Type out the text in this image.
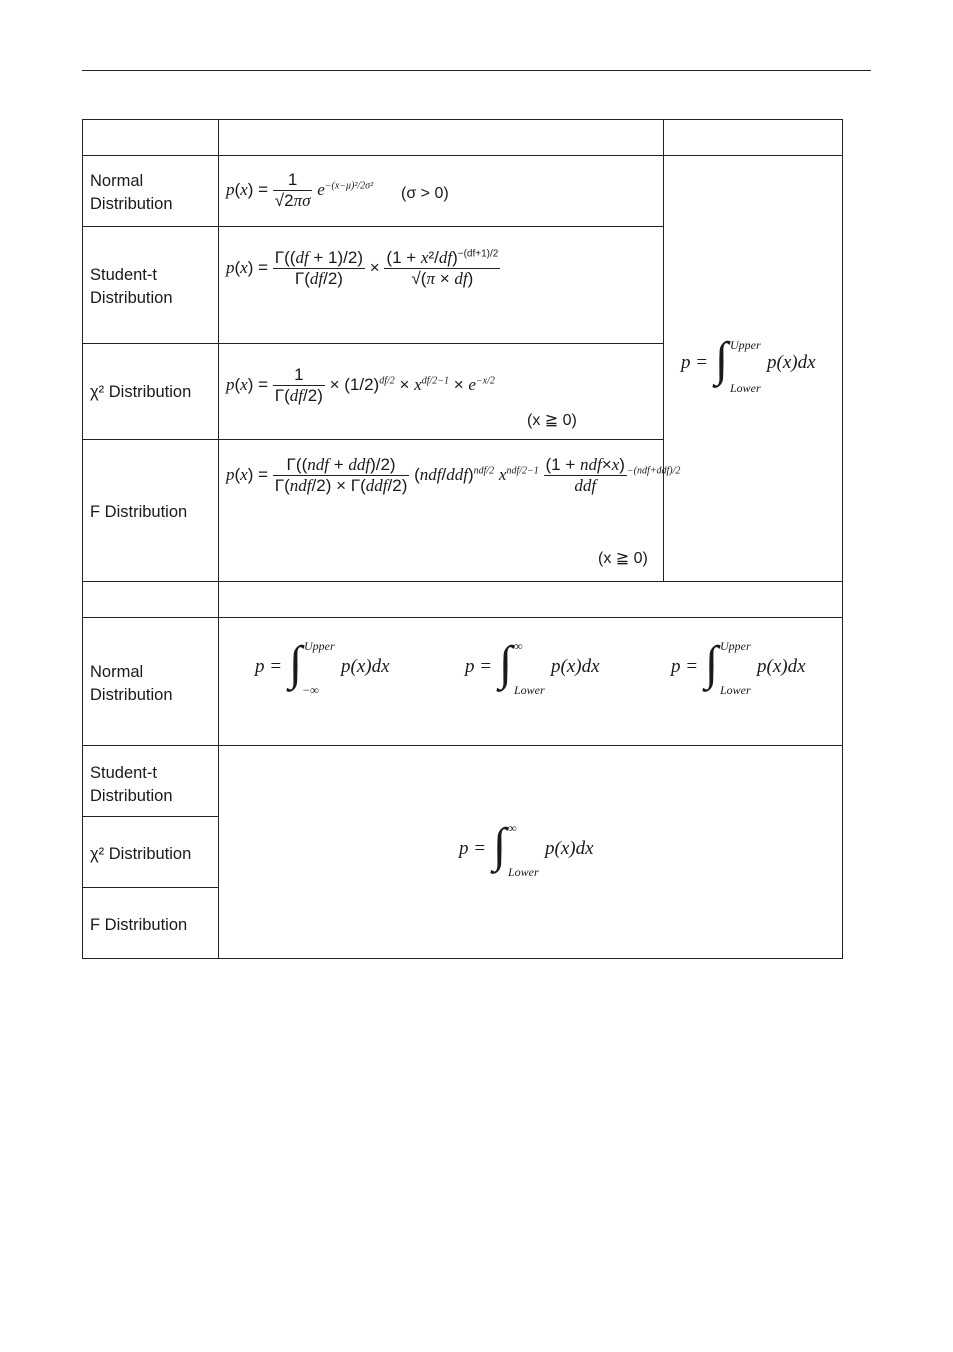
Normal
Distribution
Student-t
Distribution
χ² Distribution
F Distribution
$p(x) = \frac{1}{√2\pi\sigma} e^{-(x-\mu)^2/2\sigma^2}$ (σ > 0)
$p(x) = \frac{\Gamma((df + 1)/2)}{\Gamma(df/2)} \times \frac{(1 + x^2/df)^{-(df+1)/2}}{√(\pi \times df)}$
$p(x) = \frac{1}{\Gamma(df/2)} \times (1/2)^{df/2} \times x^{df/2-1} \times e^{-x/2}$
(x ≧ 0)
$p(x) = \frac{\text{Γ((ndf + ddf)/2)}}{\text{Γ(ndf/2) × Γ(ddf/2)}} (ndf/ddf)^{ndf/2}$ $x^{ndf/2-1} \frac{\text{(1 + ndf×x)}}{\text{ddf}} ^{-(ndf+ddf)/2}$
(x ≧ 0)
p = ∫ Upper
Lower
p(x)dx
Normal
Distribution
p = ∫ Upper
−∞
p(x)dx	p = ∫ ∞
Lower
p(x)dx	p = ∫ Upper
Lower
p(x)dx
Student-t
Distribution
χ² Distribution
F Distribution
p = ∫ ∞
Lower
p(x)dx
